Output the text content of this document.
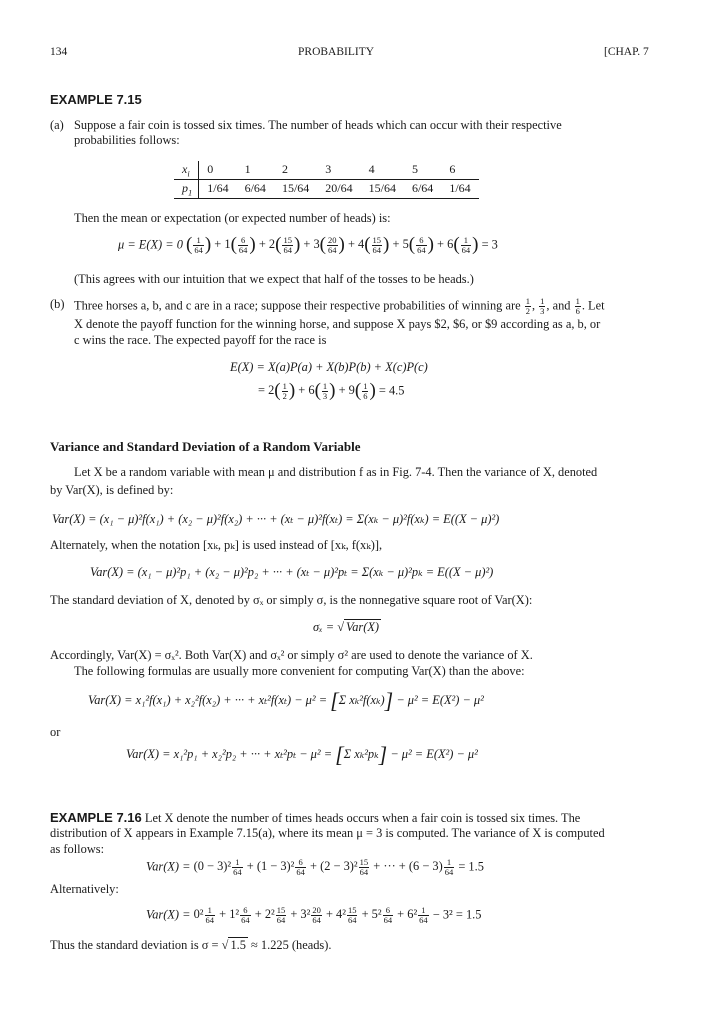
134	PROBABILITY	[CHAP. 7
EXAMPLE 7.15
(a) Suppose a fair coin is tossed six times. The number of heads which can occur with their respective
probabilities follows:
$x_i$	0	1	2	3	4	5	6
$p_1$	1/64	6/64	15/64	20/64	15/64	6/64	1/64
Then the mean or expectation (or expected number of heads) is:
μ = E(X) = 0 ( $\frac{1}{64}$ ) + $1( \frac{6}{64}$ ) + $2( \frac{15}{64}$ ) + $3( \frac{20}{64}$ ) + $4( \frac{15}{64}$ ) + $5( \frac{6}{64}$ ) + $6( \frac{1}{64}$ ) = 3
(This agrees with our intuition that we expect that half of the tosses to be heads.)
(b) Three horses a, b, and c are in a race; suppose their respective probabilities of winning are $\frac{1}{2}$ , $\frac{1}{3}$ , and $\frac{1}{6}$ . Let
X denote the payoff function for the winning horse, and suppose X pays $2, $6, or $9 according as a, b, or
c wins the race. The expected payoff for the race is
E(X) = X(a)P(a) + X(b)P(b) + X(c)P(c)
= $2( \frac{1}{2}$ ) + $6( \frac{1}{3}$ ) + $9( \frac{1}{6}$ ) = 4.5
Variance and Standard Deviation of a Random Variable
Let X be a random variable with mean μ and distribution f as in Fig. 7-4. Then the variance of X, denoted
by Var(X), is defined by:
Var(X) = (x₁ − μ)²f(x₁) + (x₂ − μ)²f(x₂) + ··· + (xₜ − μ)²f(xₜ) = Σ(xₖ − μ)²f(xₖ) = E((X − μ)²)
Alternately, when the notation [xₖ, pₖ] is used instead of [xₖ, f(xₖ)],
Var(X) = (x₁ − μ)²p₁ + (x₂ − μ)²p₂ + ··· + (xₜ − μ)²pₜ = Σ(xₖ − μ)²pₖ = E((X − μ)²)
The standard deviation of X, denoted by σₓ or simply σ, is the nonnegative square root of Var(X):
σₓ = √ Var(X)
Accordingly, Var(X) = σₓ². Both Var(X) and σₓ² or simply σ² are used to denote the variance of X.
The following formulas are usually more convenient for computing Var(X) than the above:
Var(X) = x₁²f(x₁) + x₂²f(x₂) + ··· + xₜ²f(xₜ) − μ² = [Σ xₖ²f(xₖ)] − μ² = E(X²) − μ²
or
Var(X) = x₁²p₁ + x₂²p₂ + ··· + xₜ²pₜ − μ² = [Σ xₖ²pₖ] − μ² = E(X²) − μ²
EXAMPLE 7.16 Let X denote the number of times heads occurs when a fair coin is tossed six times. The
distribution of X appears in Example 7.15(a), where its mean μ = 3 is computed. The variance of X is computed
as follows:
$Var(X) = (0 - 3)^2 \frac{1}{64} + (1 - 3)^2 \frac{6}{64} + (2 - 3)^2 \frac{15}{64}$ + ··· + $(6 - 3) \frac{1}{64} = 1.5$
Alternatively:
$Var(X) = 0^2 \frac{1}{64} + 1^2 \frac{6}{64} + 2^2 \frac{15}{64} + 3^2 \frac{20}{64} + 4^2 \frac{15}{64} + 5^2 \frac{6}{64} + 6^2 \frac{1}{64} - 3^2 = 1.5$
Thus the standard deviation is σ = √ 1.5 ≈ 1.225 (heads).
